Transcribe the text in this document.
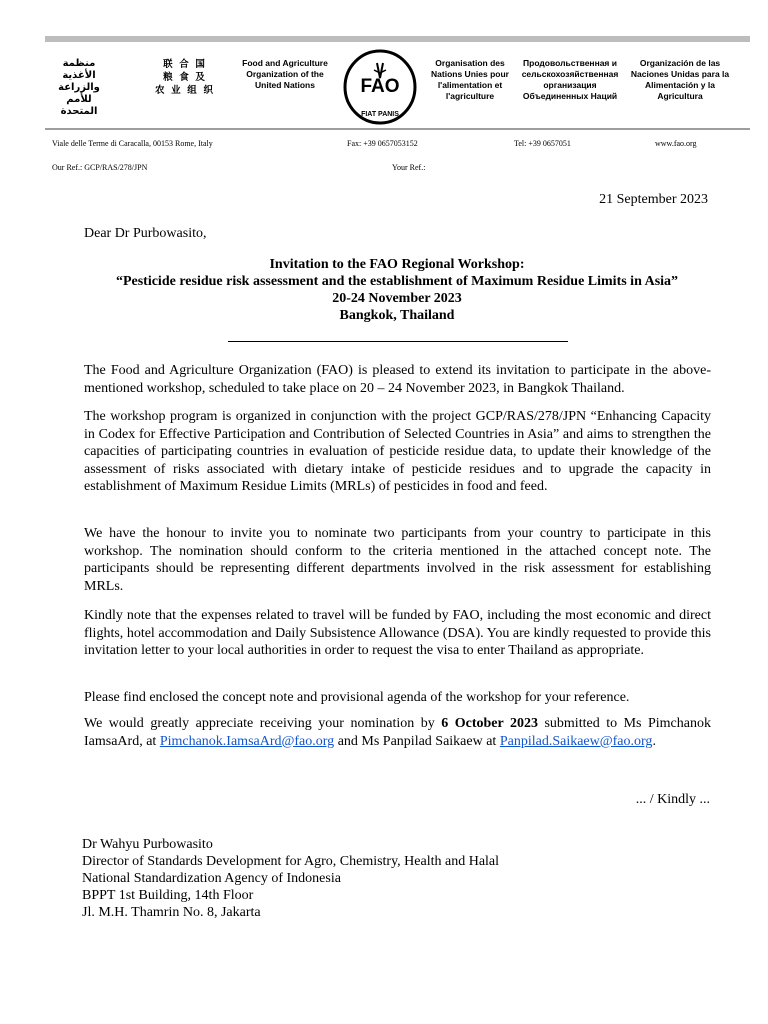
منظمة
الأغذية والزراعة
للأمم المتحدة
联 合 国
粮 食 及
农 业 组 织
Food and Agriculture
Organization of the
United Nations	FAO
FIAT PANIS
Organisation des
Nations Unies pour
l'alimentation et
l'agriculture
Продовольственная и
сельскохозяйственная
организация
Объединенных Наций
Organización de las
Naciones Unidas para la
Alimentación y la
Agricultura
Viale delle Terme di Caracalla, 00153 Rome, Italy	Fax: +39 0657053152	Tel: +39 0657051	www.fao.org
Our Ref.: GCP/RAS/278/JPN	Your Ref.:
21 September 2023
Dear Dr Purbowasito,
Invitation to the FAO Regional Workshop:
“Pesticide residue risk assessment and the establishment of Maximum Residue Limits in Asia”
20-24 November 2023
Bangkok, Thailand
The Food and Agriculture Organization (FAO) is pleased to extend its invitation to participate in the above-mentioned workshop, scheduled to take place on 20 – 24 November 2023, in Bangkok Thailand.
The workshop program is organized in conjunction with the project GCP/RAS/278/JPN “Enhancing Capacity in Codex for Effective Participation and Contribution of Selected Countries in Asia” and aims to strengthen the capacities of participating countries in evaluation of pesticide residue data, to update their knowledge of the assessment of risks associated with dietary intake of pesticide residues and to upgrade the capacity in establishment of Maximum Residue Limits (MRLs) of pesticides in food and feed.
We have the honour to invite you to nominate two participants from your country to participate in this workshop. The nomination should conform to the criteria mentioned in the attached concept note. The participants should be representing different departments involved in the risk assessment for establishing MRLs.
Kindly note that the expenses related to travel will be funded by FAO, including the most economic and direct flights, hotel accommodation and Daily Subsistence Allowance (DSA). You are kindly requested to provide this invitation letter to your local authorities in order to request the visa to enter Thailand as appropriate.
Please find enclosed the concept note and provisional agenda of the workshop for your reference.
We would greatly appreciate receiving your nomination by 6 October 2023 submitted to Ms Pimchanok IamsaArd, at Pimchanok.IamsaArd@fao.org and Ms Panpilad Saikaew at Panpilad.Saikaew@fao.org.
... / Kindly ...
Dr Wahyu Purbowasito
Director of Standards Development for Agro, Chemistry, Health and Halal
National Standardization Agency of Indonesia
BPPT 1st Building, 14th Floor
Jl. M.H. Thamrin No. 8, Jakarta
